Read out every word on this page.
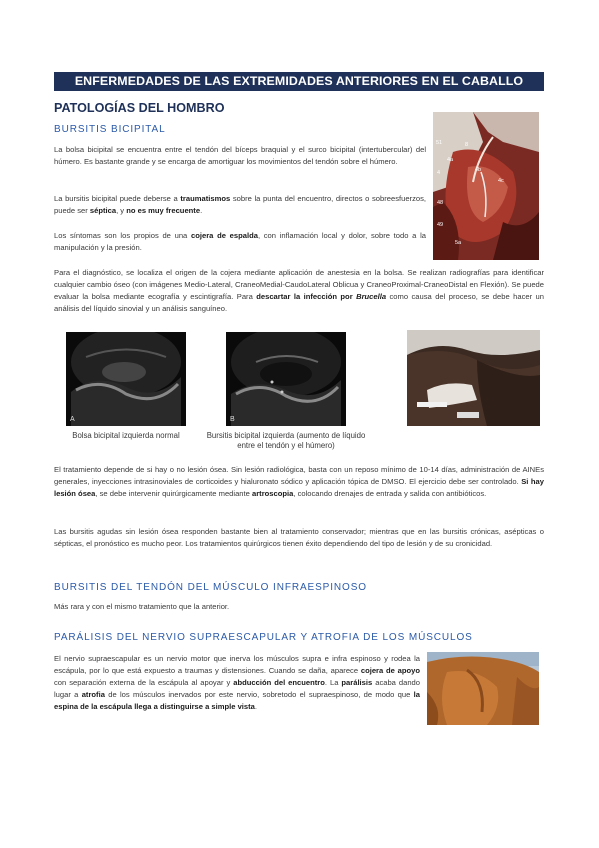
ENFERMEDADES DE LAS EXTREMIDADES ANTERIORES EN EL CABALLO
PATOLOGÍAS DEL HOMBRO
51	8
4a
4	4b
4c
48
49
5a
BURSITIS BICIPITAL
La bolsa bicipital se encuentra entre el tendón del bíceps braquial y el surco bicipital (intertubercular) del húmero. Es bastante grande y se encarga de amortiguar los movimientos del tendón sobre el húmero.
La bursitis bicipital puede deberse a traumatismos sobre la punta del encuentro, directos o sobreesfuerzos, puede ser séptica, y no es muy frecuente.
Los síntomas son los propios de una cojera de espalda, con inflamación local y dolor, sobre todo a la manipulación y la presión.
Para el diagnóstico, se localiza el origen de la cojera mediante aplicación de anestesia en la bolsa. Se realizan radiografías para identificar cualquier cambio óseo (con imágenes Medio-Lateral, CraneoMedial-CaudoLateral Oblicua y CraneoProximal-CraneoDistal en Flexión). Se puede evaluar la bolsa mediante ecografía y escintigrafía. Para descartar la infección por Brucella como causa del proceso, se debe hacer un análisis del líquido sinovial y un análisis sanguíneo.
A	B
Bolsa bicipital izquierda normal	Bursitis bicipital izquierda (aumento de líquido entre el tendón y el húmero)
El tratamiento depende de si hay o no lesión ósea. Sin lesión radiológica, basta con un reposo mínimo de 10-14 días, administración de AINEs generales, inyecciones intrasinoviales de corticoides y hialuronato sódico y aplicación tópica de DMSO. El ejercicio debe ser controlado. Si hay lesión ósea, se debe intervenir quirúrgicamente mediante artroscopia, colocando drenajes de entrada y salida con antibióticos.
Las bursitis agudas sin lesión ósea responden bastante bien al tratamiento conservador; mientras que en las bursitis crónicas, asépticas o sépticas, el pronóstico es mucho peor. Los tratamientos quirúrgicos tienen éxito dependiendo del tipo de lesión y de su cronicidad.
BURSITIS DEL TENDÓN DEL MÚSCULO INFRAESPINOSO
Más rara y con el mismo tratamiento que la anterior.
PARÁLISIS DEL NERVIO SUPRAESCAPULAR Y ATROFIA DE LOS MÚSCULOS
El nervio supraescapular es un nervio motor que inerva los músculos supra e infra espinoso y rodea la escápula, por lo que está expuesto a traumas y distensiones. Cuando se daña, aparece cojera de apoyo con separación externa de la escápula al apoyar y abducción del encuentro. La parálisis acaba dando lugar a atrofia de los músculos inervados por este nervio, sobretodo el supraespinoso, de modo que la espina de la escápula llega a distinguirse a simple vista.
